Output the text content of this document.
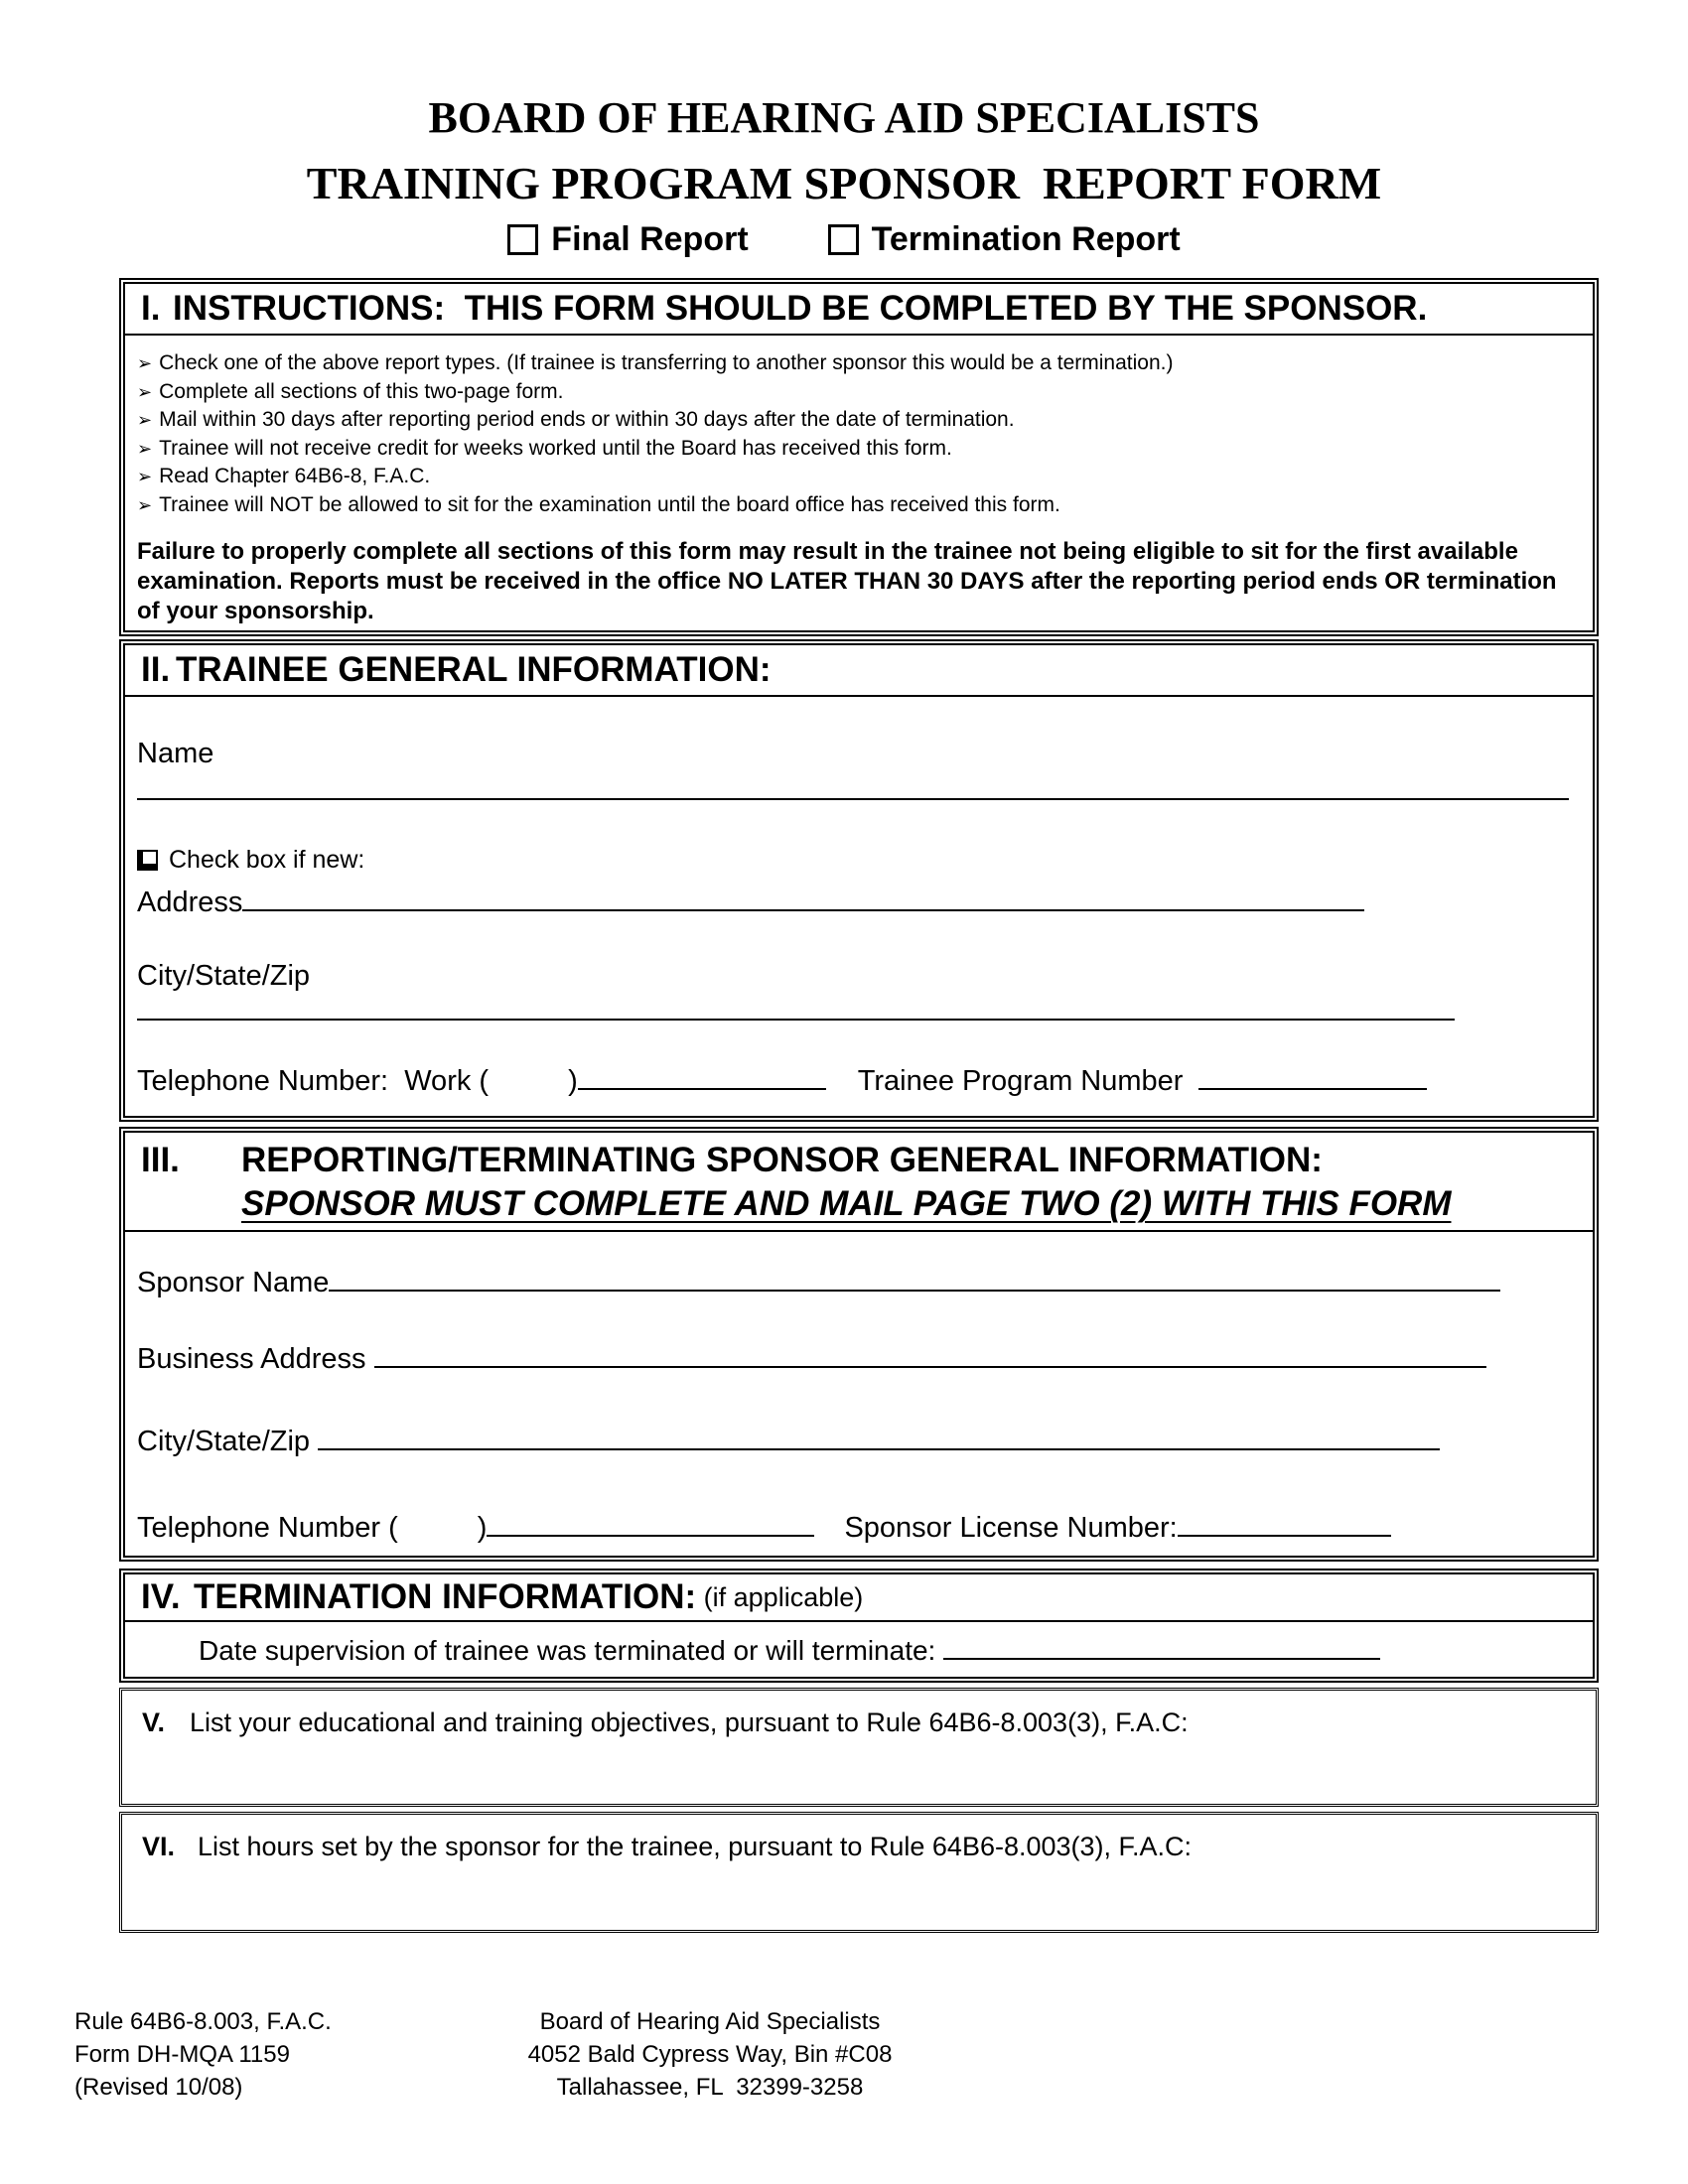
BOARD OF HEARING AID SPECIALISTS
TRAINING PROGRAM SPONSOR  REPORT FORM
Final Report	Termination Report
I. INSTRUCTIONS:  THIS FORM SHOULD BE COMPLETED BY THE SPONSOR.
➢ Check one of the above report types. (If trainee is transferring to another sponsor this would be a termination.)
➢ Complete all sections of this two-page form.
➢ Mail within 30 days after reporting period ends or within 30 days after the date of termination.
➢ Trainee will not receive credit for weeks worked until the Board has received this form.
➢ Read Chapter 64B6-8, F.A.C.
➢ Trainee will NOT be allowed to sit for the examination until the board office has received this form.
Failure to properly complete all sections of this form may result in the trainee not being eligible to sit for the first available examination. Reports must be received in the office NO LATER THAN 30 DAYS after the reporting period ends OR termination of your sponsorship.
II. TRAINEE GENERAL INFORMATION:
Name
Check box if new:
Address
City/State/Zip
Telephone Number:  Work (	)	Trainee Program Number
III.	REPORTING/TERMINATING SPONSOR GENERAL INFORMATION:
SPONSOR MUST COMPLETE AND MAIL PAGE TWO (2) WITH THIS FORM
Sponsor Name
Business Address
City/State/Zip
Telephone Number (	)	Sponsor License Number:
IV. TERMINATION INFORMATION: (if applicable)
Date supervision of trainee was terminated or will terminate:
V. List your educational and training objectives, pursuant to Rule 64B6-8.003(3), F.A.C:
VI. List hours set by the sponsor for the trainee, pursuant to Rule 64B6-8.003(3), F.A.C:
Rule 64B6-8.003, F.A.C.
Form DH-MQA 1159
(Revised 10/08)
Board of Hearing Aid Specialists
4052 Bald Cypress Way, Bin #C08
Tallahassee, FL  32399-3258
